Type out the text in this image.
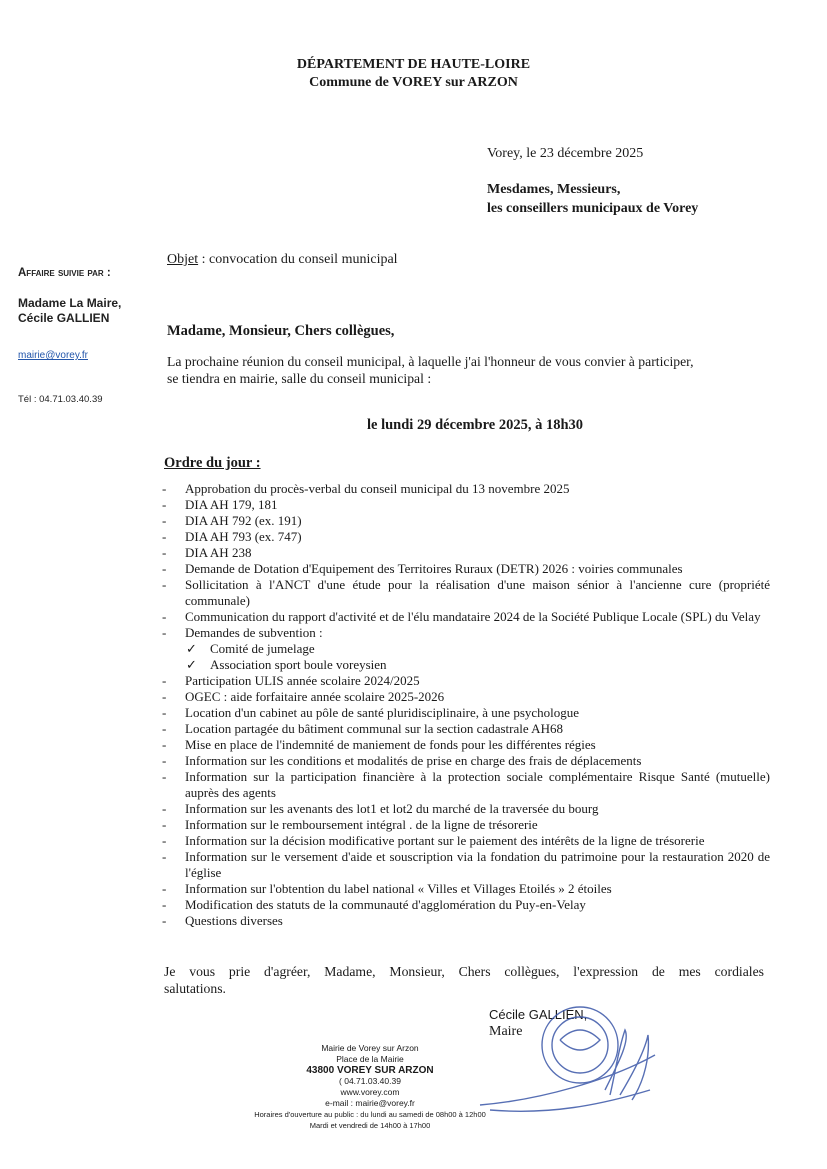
DÉPARTEMENT DE HAUTE-LOIRE
Commune de VOREY sur ARZON
Vorey, le 23 décembre 2025
Mesdames, Messieurs,
les conseillers municipaux de Vorey
Affaire suivie par :
Madame La Maire,
Cécile GALLIEN
mairie@vorey.fr
Tél : 04.71.03.40.39
Objet : convocation du conseil municipal
Madame, Monsieur, Chers collègues,
La prochaine réunion du conseil municipal, à laquelle j'ai l'honneur de vous convier à participer,
se tiendra en mairie, salle du conseil municipal :
le lundi 29 décembre 2025, à 18h30
Ordre du jour :
- Approbation du procès-verbal du conseil municipal du 13 novembre 2025
- DIA AH 179, 181
- DIA AH 792 (ex. 191)
- DIA AH 793 (ex. 747)
- DIA AH 238
- Demande de Dotation d'Equipement des Territoires Ruraux (DETR) 2026 : voiries communales
- Sollicitation à l'ANCT d'une étude pour la réalisation d'une maison sénior à l'ancienne cure (propriété communale)
- Communication du rapport d'activité et de l'élu mandataire 2024 de la Société Publique Locale (SPL) du Velay
- Demandes de subvention :
✓ Comité de jumelage
✓ Association sport boule voreysien
- Participation ULIS année scolaire 2024/2025
- OGEC : aide forfaitaire année scolaire 2025-2026
- Location d'un cabinet au pôle de santé pluridisciplinaire, à une psychologue
- Location partagée du bâtiment communal sur la section cadastrale AH68
- Mise en place de l'indemnité de maniement de fonds pour les différentes régies
- Information sur les conditions et modalités de prise en charge des frais de déplacements
- Information sur la participation financière à la protection sociale complémentaire Risque Santé (mutuelle) auprès des agents
- Information sur les avenants des lot1 et lot2 du marché de la traversée du bourg
- Information sur le remboursement intégral . de la ligne de trésorerie
- Information sur la décision modificative portant sur le paiement des intérêts de la ligne de trésorerie
- Information sur le versement d'aide et souscription via la fondation du patrimoine pour la restauration 2020 de l'église
- Information sur l'obtention du label national « Villes et Villages Etoilés » 2 étoiles
- Modification des statuts de la communauté d'agglomération du Puy-en-Velay
- Questions diverses
Je vous prie d'agréer, Madame, Monsieur, Chers collègues, l'expression de mes cordiales
salutations.
Cécile GALLIEN,
Maire
Mairie de Vorey sur Arzon
Place de la Mairie
43800 VOREY SUR ARZON
( 04.71.03.40.39
www.vorey.com
e-mail : mairie@vorey.fr
Horaires d'ouverture au public : du lundi au samedi de 08h00 à 12h00
Mardi et vendredi de 14h00 à 17h00
